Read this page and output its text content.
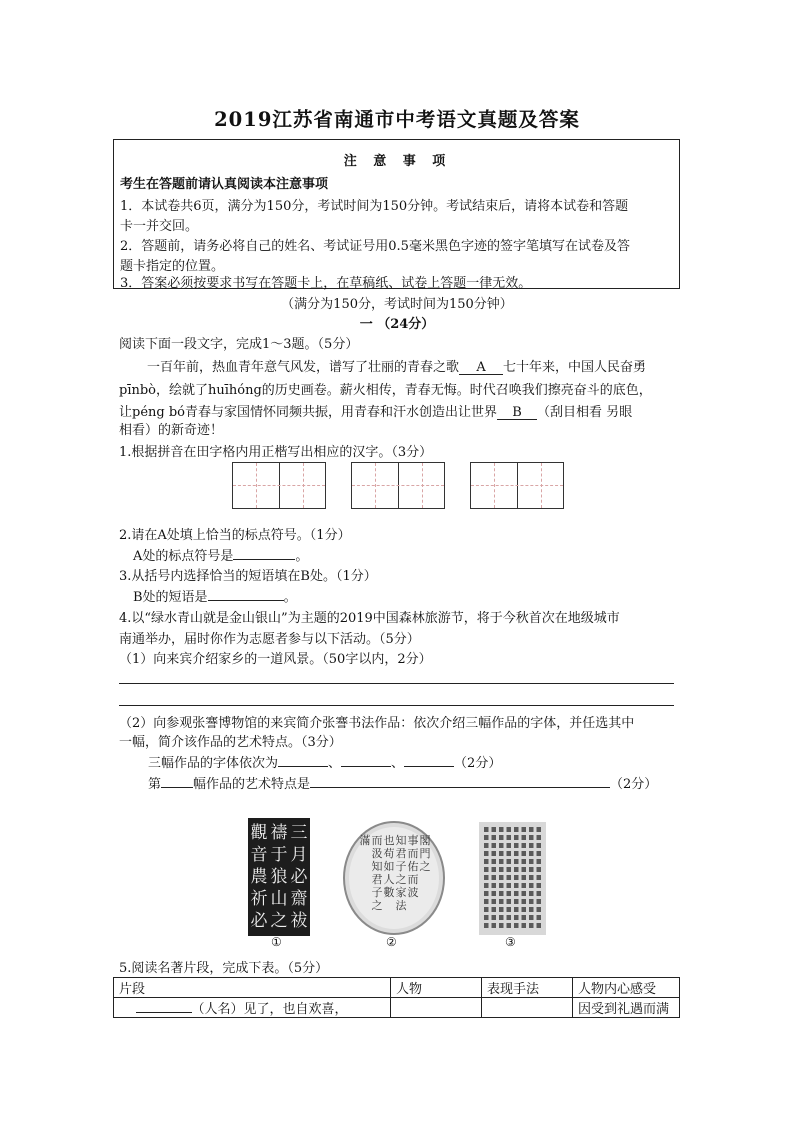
2019江苏省南通市中考语文真题及答案
注 意 事 项
考生在答题前请认真阅读本注意事项
1．本试卷共6页，满分为150分，考试时间为150分钟。考试结束后，请将本试卷和答题
卡一并交回。
2．答题前，请务必将自己的姓名、考试证号用0.5毫米黑色字迹的签字笔填写在试卷及答
题卡指定的位置。
3．答案必须按要求书写在答题卡上，在草稿纸、试卷上答题一律无效。
（满分为150分，考试时间为150分钟）
一 （24分）
阅读下面一段文字，完成1～3题。（5分）
一百年前，热血青年意气风发，谱写了壮丽的青春之歌 A 七十年来，中国人民奋勇
pīnbò，绘就了huīhóng的历史画卷。薪火相传，青春无悔。时代召唤我们擦亮奋斗的底色，
让péng bó青春与家国情怀同频共振，用青春和汗水创造出让世界 B （刮目相看 另眼
相看）的新奇迹！
1.根据拼音在田字格内用正楷写出相应的汉字。（3分）
2.请在A处填上恰当的标点符号。（1分）
A处的标点符号是	。
3.从括号内选择恰当的短语填在B处。（1分）
B处的短语是	。
4.以“绿水青山就是金山银山”为主题的2019中国森林旅游节，将于今秋首次在地级城市
南通举办，届时你作为志愿者参与以下活动。（5分）
（1）向来宾介绍家乡的一道风景。（50字以内，2分）
（2）向参观张謇博物馆的来宾简介张謇书法作品：依次介绍三幅作品的字体，并任选其中
一幅，简介该作品的艺术特点。（3分）
三幅作品的字体依次为	、	、	（2分）
第 幅作品的艺术特点是	（2分）
三
月
必
齋
祓
禱
于
狼
山
之
觀
音
農
祈
必
①
閣
門
之
事
而
佑
而
波
知
君
子
之
家
法
也
苟
如
人
數
而
汲
知
君
子
之
滿
②	③
5.阅读名著片段，完成下表。（5分）
片段	人物	表现手法	人物内心感受
（人名）见了，也自欢喜，			因受到礼遇而满
